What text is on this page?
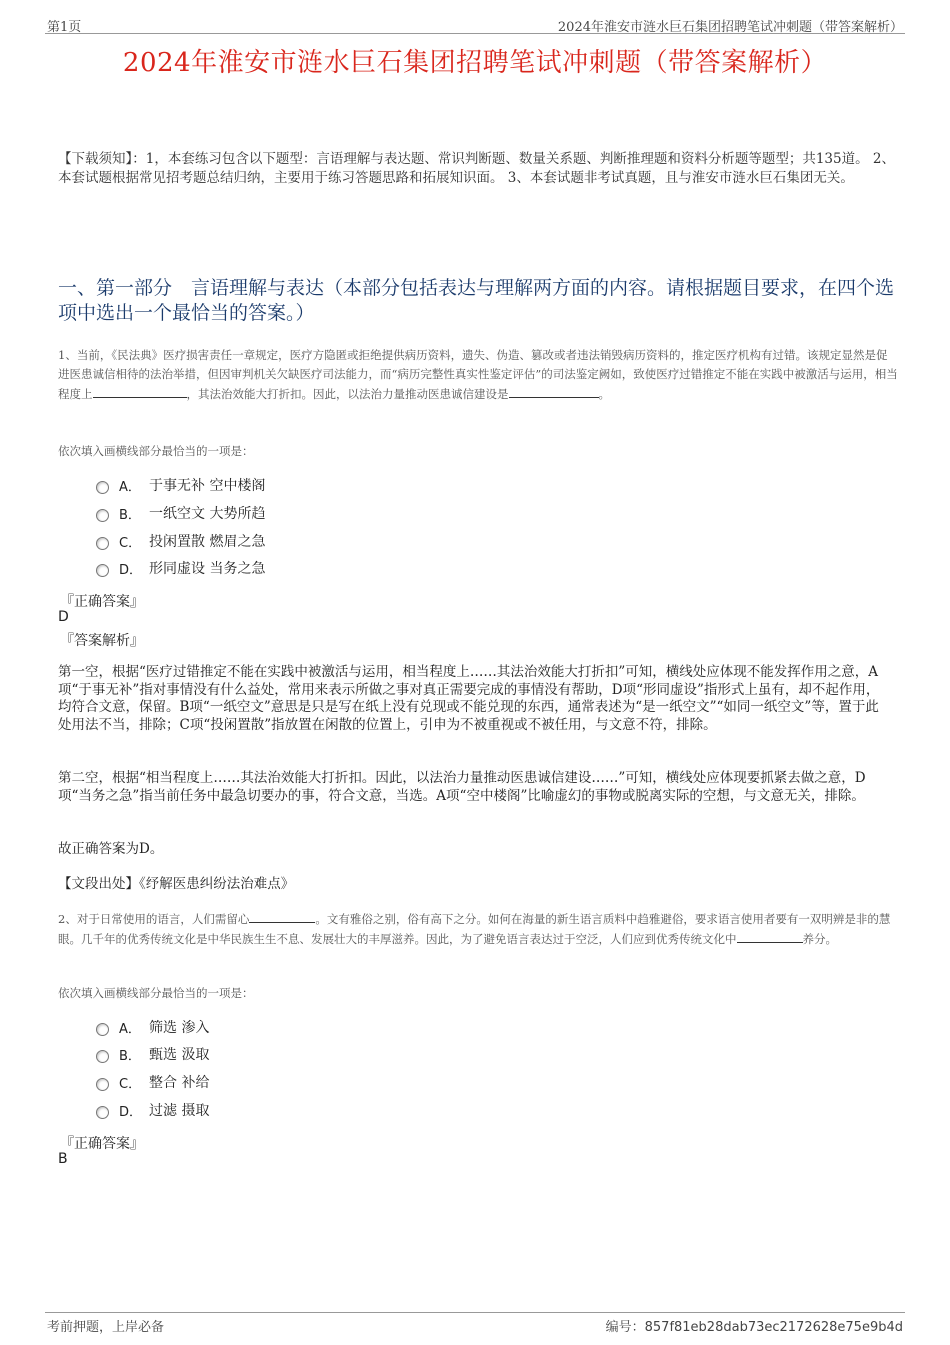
第1页	2024年淮安市涟水巨石集团招聘笔试冲刺题（带答案解析）
2024年淮安市涟水巨石集团招聘笔试冲刺题（带答案解析）
【下载须知】：1，本套练习包含以下题型：言语理解与表达题、常识判断题、数量关系题、判断推理题和资料分析题等题型；共135道。 2、本套试题根据常见招考题总结归纳，主要用于练习答题思路和拓展知识面。 3、本套试题非考试真题，且与淮安市涟水巨石集团无关。
一、第一部分　言语理解与表达（本部分包括表达与理解两方面的内容。请根据题目要求，在四个选项中选出一个最恰当的答案。）
1、当前，《民法典》医疗损害责任一章规定，医疗方隐匿或拒绝提供病历资料，遗失、伪造、篡改或者违法销毁病历资料的，推定医疗机构有过错。该规定显然是促进医患诚信相待的法治举措，但因审判机关欠缺医疗司法能力，而“病历完整性真实性鉴定评估”的司法鉴定阙如，致使医疗过错推定不能在实践中被激活与运用，相当程度上	，其法治效能大打折扣。因此，以法治力量推动医患诚信建设是	。
依次填入画横线部分最恰当的一项是：
A． 于事无补 空中楼阁
B． 一纸空文 大势所趋
C． 投闲置散 燃眉之急
D． 形同虚设 当务之急
『正确答案』
D
『答案解析』
第一空，根据“医疗过错推定不能在实践中被激活与运用，相当程度上……其法治效能大打折扣”可知，横线处应体现不能发挥作用之意，A项“于事无补”指对事情没有什么益处，常用来表示所做之事对真正需要完成的事情没有帮助，D项“形同虚设”指形式上虽有，却不起作用，均符合文意，保留。B项“一纸空文”意思是只是写在纸上没有兑现或不能兑现的东西，通常表述为“是一纸空文”“如同一纸空文”等，置于此处用法不当，排除；C项“投闲置散”指放置在闲散的位置上，引申为不被重视或不被任用，与文意不符，排除。
第二空，根据“相当程度上……其法治效能大打折扣。因此，以法治力量推动医患诚信建设……”可知，横线处应体现要抓紧去做之意，D项“当务之急”指当前任务中最急切要办的事，符合文意，当选。A项“空中楼阁”比喻虚幻的事物或脱离实际的空想，与文意无关，排除。
故正确答案为D。
【文段出处】《纾解医患纠纷法治难点》
2、对于日常使用的语言，人们需留心	。文有雅俗之别，俗有高下之分。如何在海量的新生语言质料中趋雅避俗，要求语言使用者要有一双明辨是非的慧眼。几千年的优秀传统文化是中华民族生生不息、发展壮大的丰厚滋养。因此，为了避免语言表达过于空泛，人们应到优秀传统文化中	养分。
依次填入画横线部分最恰当的一项是：
A． 筛选 渗入
B． 甄选 汲取
C． 整合 补给
D． 过滤 摄取
『正确答案』
B
考前押题，上岸必备	编号：857f81eb28dab73ec2172628e75e9b4d
